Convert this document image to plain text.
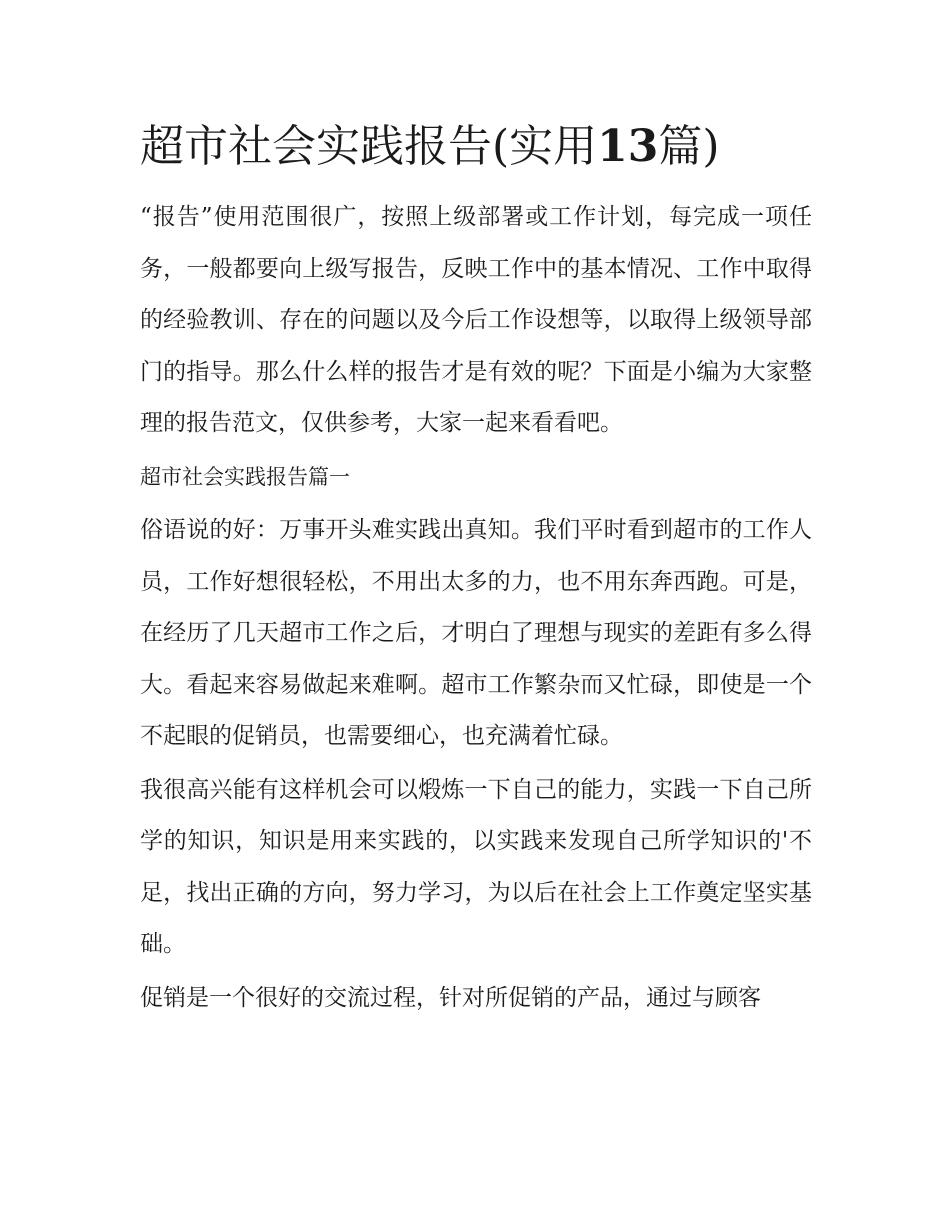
超市社会实践报告(实用13篇)

“报告”使用范围很广，按照上级部署或工作计划，每完成一项任务，一般都要向上级写报告，反映工作中的基本情况、工作中取得的经验教训、存在的问题以及今后工作设想等，以取得上级领导部门的指导。那么什么样的报告才是有效的呢？下面是小编为大家整理的报告范文，仅供参考，大家一起来看看吧。

超市社会实践报告篇一

俗语说的好：万事开头难实践出真知。我们平时看到超市的工作人员，工作好想很轻松，不用出太多的力，也不用东奔西跑。可是，在经历了几天超市工作之后，才明白了理想与现实的差距有多么得大。看起来容易做起来难啊。超市工作繁杂而又忙碌，即使是一个不起眼的促销员，也需要细心，也充满着忙碌。

我很高兴能有这样机会可以煅炼一下自己的能力，实践一下自己所学的知识，知识是用来实践的，以实践来发现自己所学知识的'不足，找出正确的方向，努力学习，为以后在社会上工作奠定坚实基础。

促销是一个很好的交流过程，针对所促销的产品，通过与顾客
